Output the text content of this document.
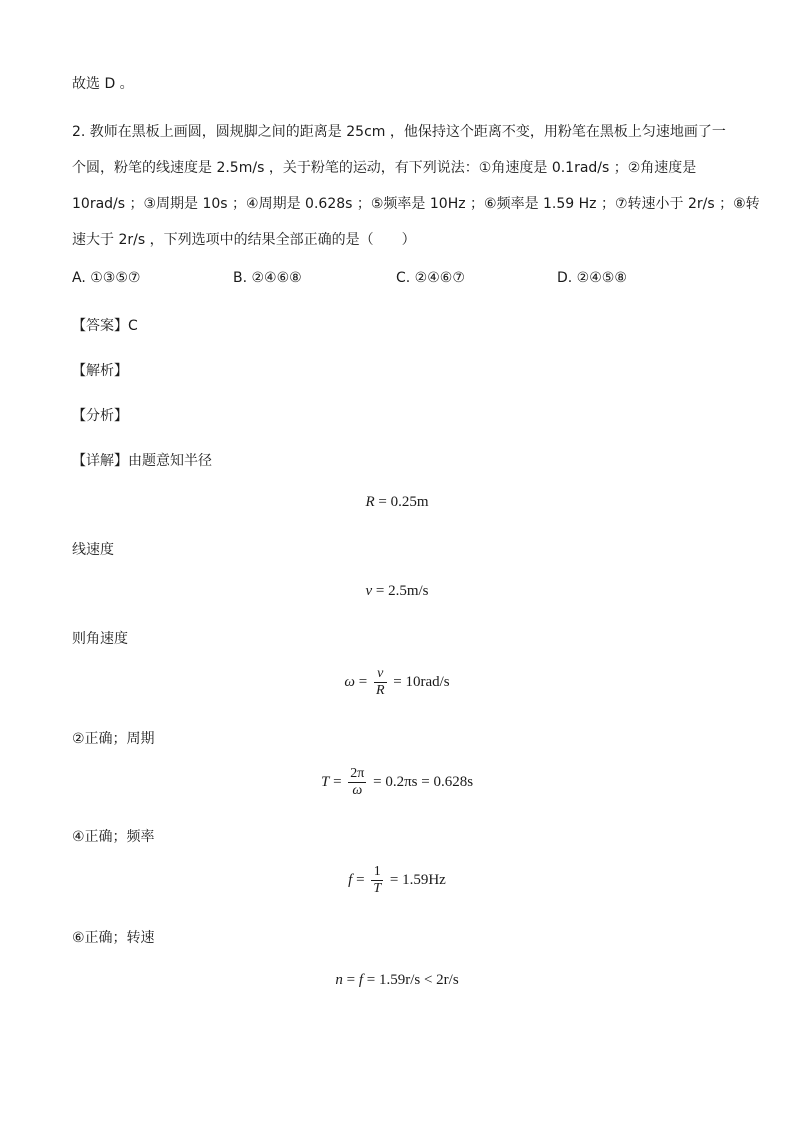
故选 D 。
2. 教师在黑板上画圆，圆规脚之间的距离是 25cm ，他保持这个距离不变，用粉笔在黑板上匀速地画了一
个圆，粉笔的线速度是 2.5m/s ，关于粉笔的运动，有下列说法：①角速度是 0.1rad/s ；②角速度是
10rad/s ；③周期是 10s ；④周期是 0.628s ；⑤频率是 10Hz ；⑥频率是 1.59 Hz ；⑦转速小于 2r/s ；⑧转
速大于 2r/s ，下列选项中的结果全部正确的是（　　）
A. ①③⑤⑦	B. ②④⑥⑧	C. ②④⑥⑦	D. ②④⑤⑧
【答案】C
【解析】
【分析】
【详解】由题意知半径
R = 0.25m
线速度
v = 2.5m/s
则角速度
$\omega = \frac{v}{R} = 10rad/s$
②正确；周期
$T = \frac{2\pi}{\omega} = 0.2\pi s = 0.628s$
④正确；频率
$f = \frac{1}{T} = 1.59Hz$
⑥正确；转速
n = f = 1.59r/s < 2r/s
